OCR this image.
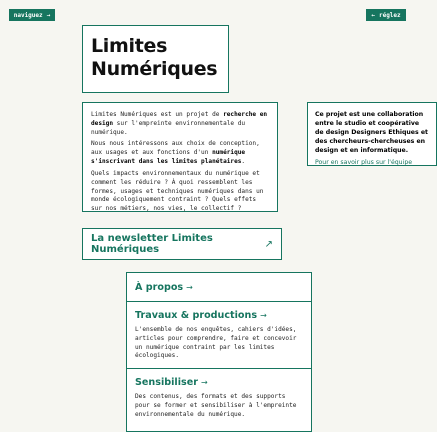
naviguez →	← réglez
Limites
Numériques

Limites Numériques est un projet de recherche en design sur l'empreinte environnementale du numérique.

Nous nous intéressons aux choix de conception, aux usages et aux fonctions d'un numérique s'inscrivant dans les limites planétaires.

Quels impacts environnementaux du numérique et comment les réduire ? À quoi ressemblent les formes, usages et techniques numériques dans un monde écologiquement contraint ? Quels effets sur nos métiers, nos vies, le collectif ?

Ce projet est une collaboration entre le studio et coopérative de design Designers Ethiques et des chercheurs-chercheuses en design et en informatique.
Pour en savoir plus sur l'équipe
La newsletter Limites Numériques	↗
À propos →
Travaux & productions →

L'ensemble de nos enquêtes, cahiers d'idées, articles pour comprendre, faire et concevoir un numérique contraint par les limites écologiques.

Sensibiliser →

Des contenus, des formats et des supports pour se former et sensibiliser à l'empreinte environnementale du numérique.
